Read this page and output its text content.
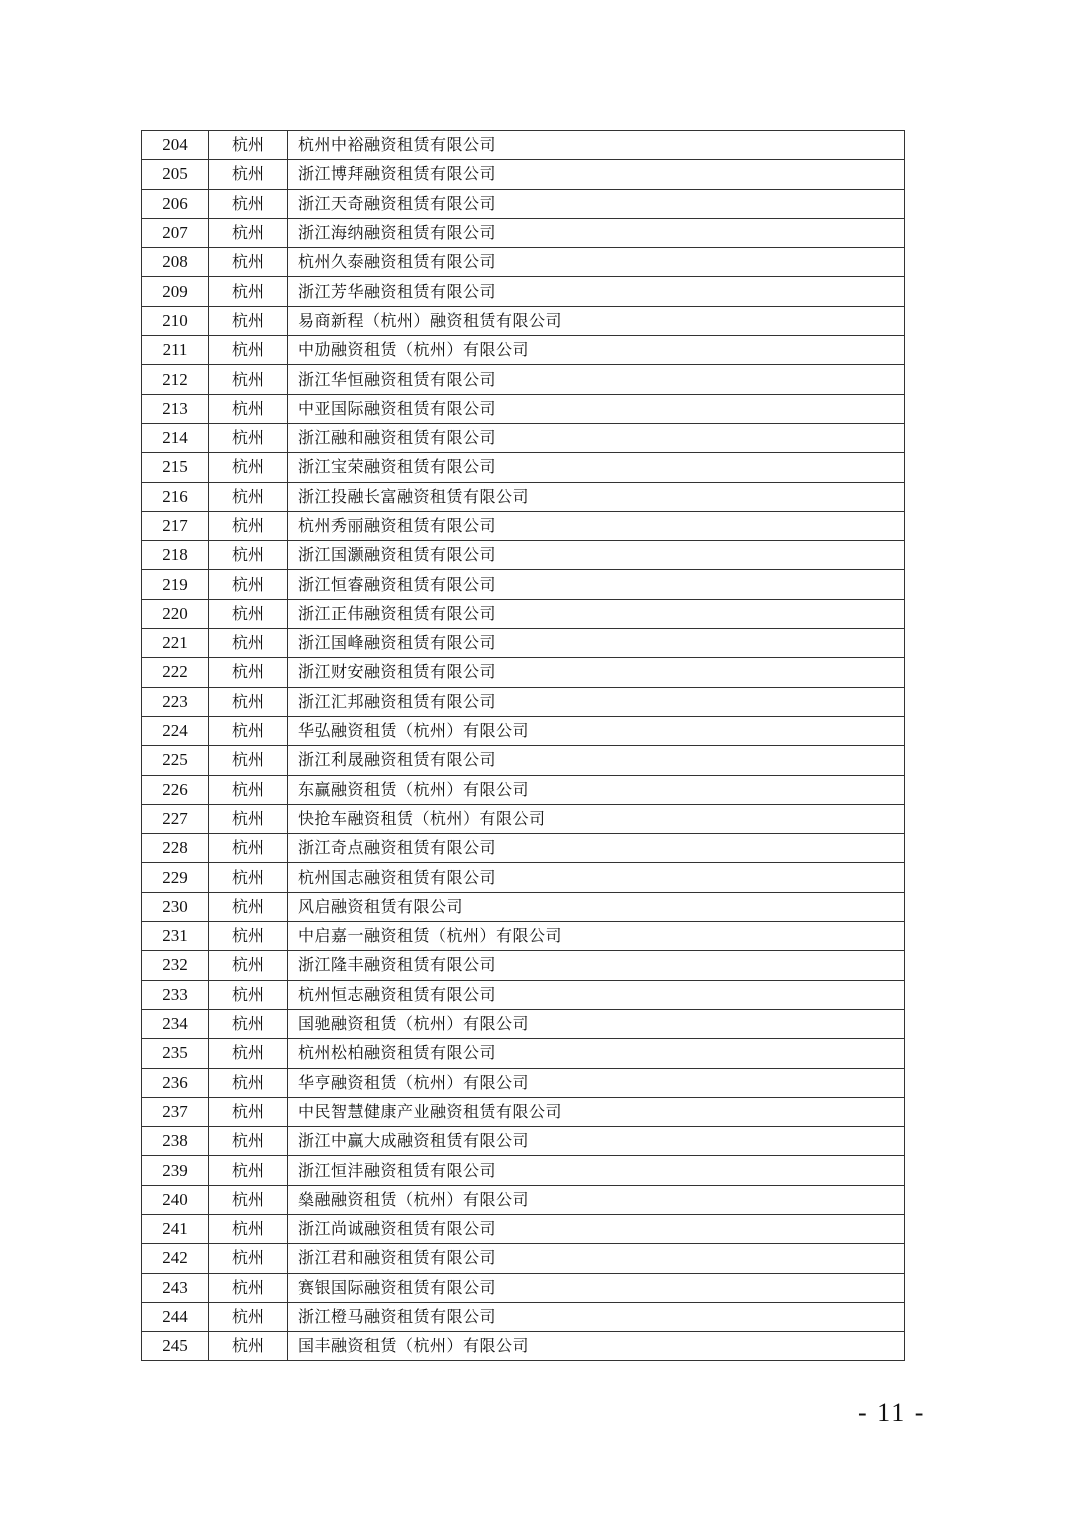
204	杭州	杭州中裕融资租赁有限公司
205	杭州	浙江博拜融资租赁有限公司
206	杭州	浙江天奇融资租赁有限公司
207	杭州	浙江海纳融资租赁有限公司
208	杭州	杭州久泰融资租赁有限公司
209	杭州	浙江芳华融资租赁有限公司
210	杭州	易商新程（杭州）融资租赁有限公司
211	杭州	中劢融资租赁（杭州）有限公司
212	杭州	浙江华恒融资租赁有限公司
213	杭州	中亚国际融资租赁有限公司
214	杭州	浙江融和融资租赁有限公司
215	杭州	浙江宝荣融资租赁有限公司
216	杭州	浙江投融长富融资租赁有限公司
217	杭州	杭州秀丽融资租赁有限公司
218	杭州	浙江国灏融资租赁有限公司
219	杭州	浙江恒睿融资租赁有限公司
220	杭州	浙江正伟融资租赁有限公司
221	杭州	浙江国峰融资租赁有限公司
222	杭州	浙江财安融资租赁有限公司
223	杭州	浙江汇邦融资租赁有限公司
224	杭州	华弘融资租赁（杭州）有限公司
225	杭州	浙江利晟融资租赁有限公司
226	杭州	东赢融资租赁（杭州）有限公司
227	杭州	快抢车融资租赁（杭州）有限公司
228	杭州	浙江奇点融资租赁有限公司
229	杭州	杭州国志融资租赁有限公司
230	杭州	风启融资租赁有限公司
231	杭州	中启嘉一融资租赁（杭州）有限公司
232	杭州	浙江隆丰融资租赁有限公司
233	杭州	杭州恒志融资租赁有限公司
234	杭州	国驰融资租赁（杭州）有限公司
235	杭州	杭州松柏融资租赁有限公司
236	杭州	华亨融资租赁（杭州）有限公司
237	杭州	中民智慧健康产业融资租赁有限公司
238	杭州	浙江中赢大成融资租赁有限公司
239	杭州	浙江恒沣融资租赁有限公司
240	杭州	燊融融资租赁（杭州）有限公司
241	杭州	浙江尚诚融资租赁有限公司
242	杭州	浙江君和融资租赁有限公司
243	杭州	赛银国际融资租赁有限公司
244	杭州	浙江橙马融资租赁有限公司
245	杭州	国丰融资租赁（杭州）有限公司
- 11 -
